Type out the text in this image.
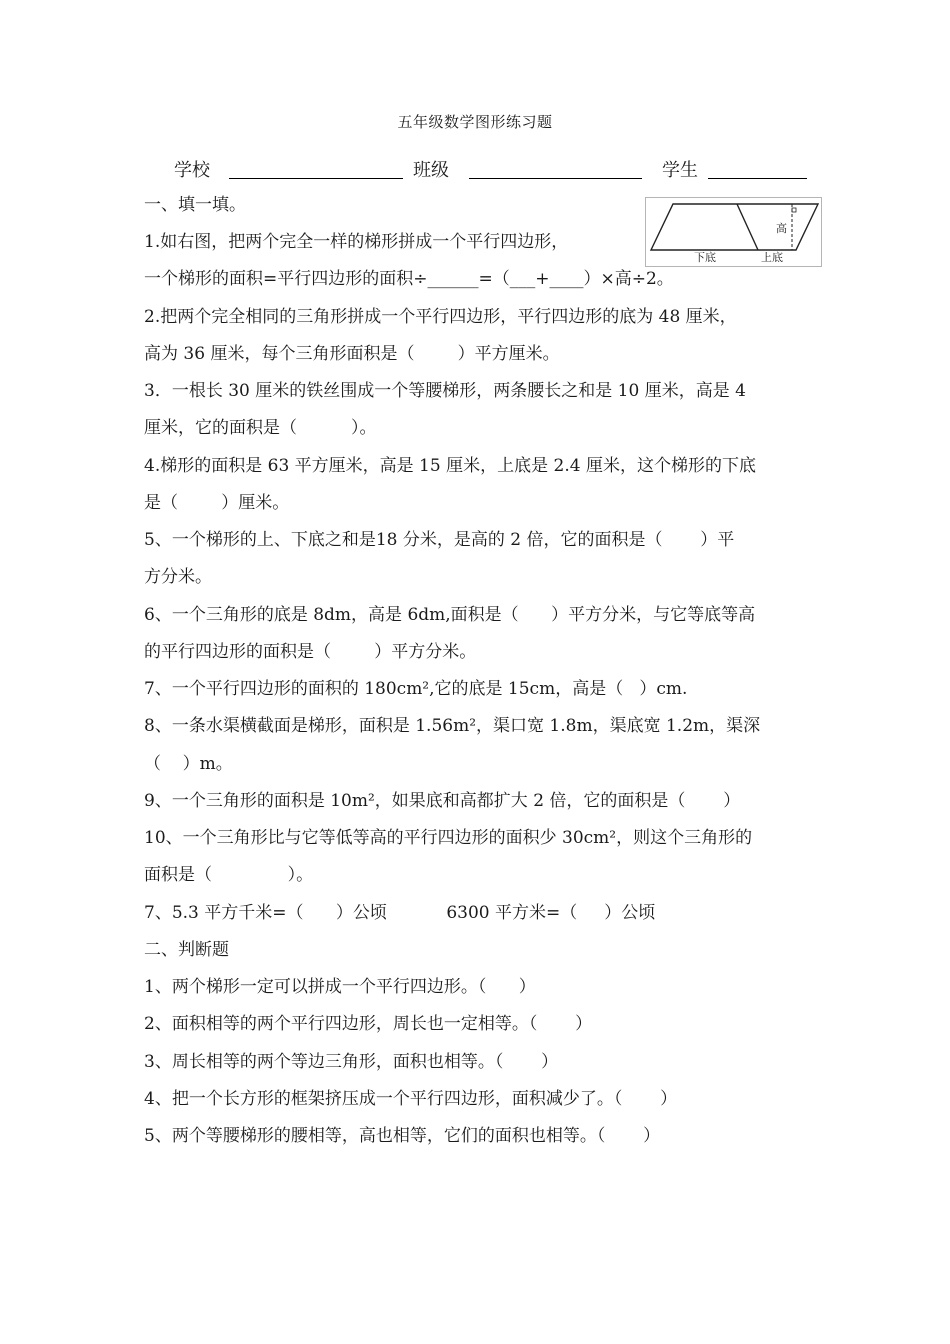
五年级数学图形练习题
学校	班级	学生
高
下底	上底
一、填一填。
1.如右图，把两个完全一样的梯形拼成一个平行四边形，
一个梯形的面积=平行四边形的面积÷______=（___+____）×高÷2。
2.把两个完全相同的三角形拼成一个平行四边形，平行四边形的底为 48 厘米，
高为 36 厘米，每个三角形面积是（        ）平方厘米。
3．一根长 30 厘米的铁丝围成一个等腰梯形，两条腰长之和是 10 厘米，高是 4
厘米，它的面积是（          ）。
4.梯形的面积是 63 平方厘米，高是 15 厘米，上底是 2.4 厘米，这个梯形的下底
是（        ）厘米。
5、一个梯形的上、下底之和是18 分米，是高的 2 倍，它的面积是（       ）平
方分米。
6、一个三角形的底是 8dm，高是 6dm,面积是（      ）平方分米，与它等底等高
的平行四边形的面积是（        ）平方分米。
7、一个平行四边形的面积的 180cm²,它的底是 15cm，高是（   ）cm.
8、一条水渠横截面是梯形，面积是 1.56m²，渠口宽 1.8m，渠底宽 1.2m，渠深
（    ）m。
9、一个三角形的面积是 10m²，如果底和高都扩大 2 倍，它的面积是（       ）
10、一个三角形比与它等低等高的平行四边形的面积少 30cm²，则这个三角形的
面积是（              ）。
7、5.3 平方千米=（      ）公顷           6300 平方米=（     ）公顷
二、判断题
1、两个梯形一定可以拼成一个平行四边形。（      ）
2、面积相等的两个平行四边形，周长也一定相等。（       ）
3、周长相等的两个等边三角形，面积也相等。（       ）
4、把一个长方形的框架挤压成一个平行四边形，面积减少了。（       ）
5、两个等腰梯形的腰相等，高也相等，它们的面积也相等。（       ）
